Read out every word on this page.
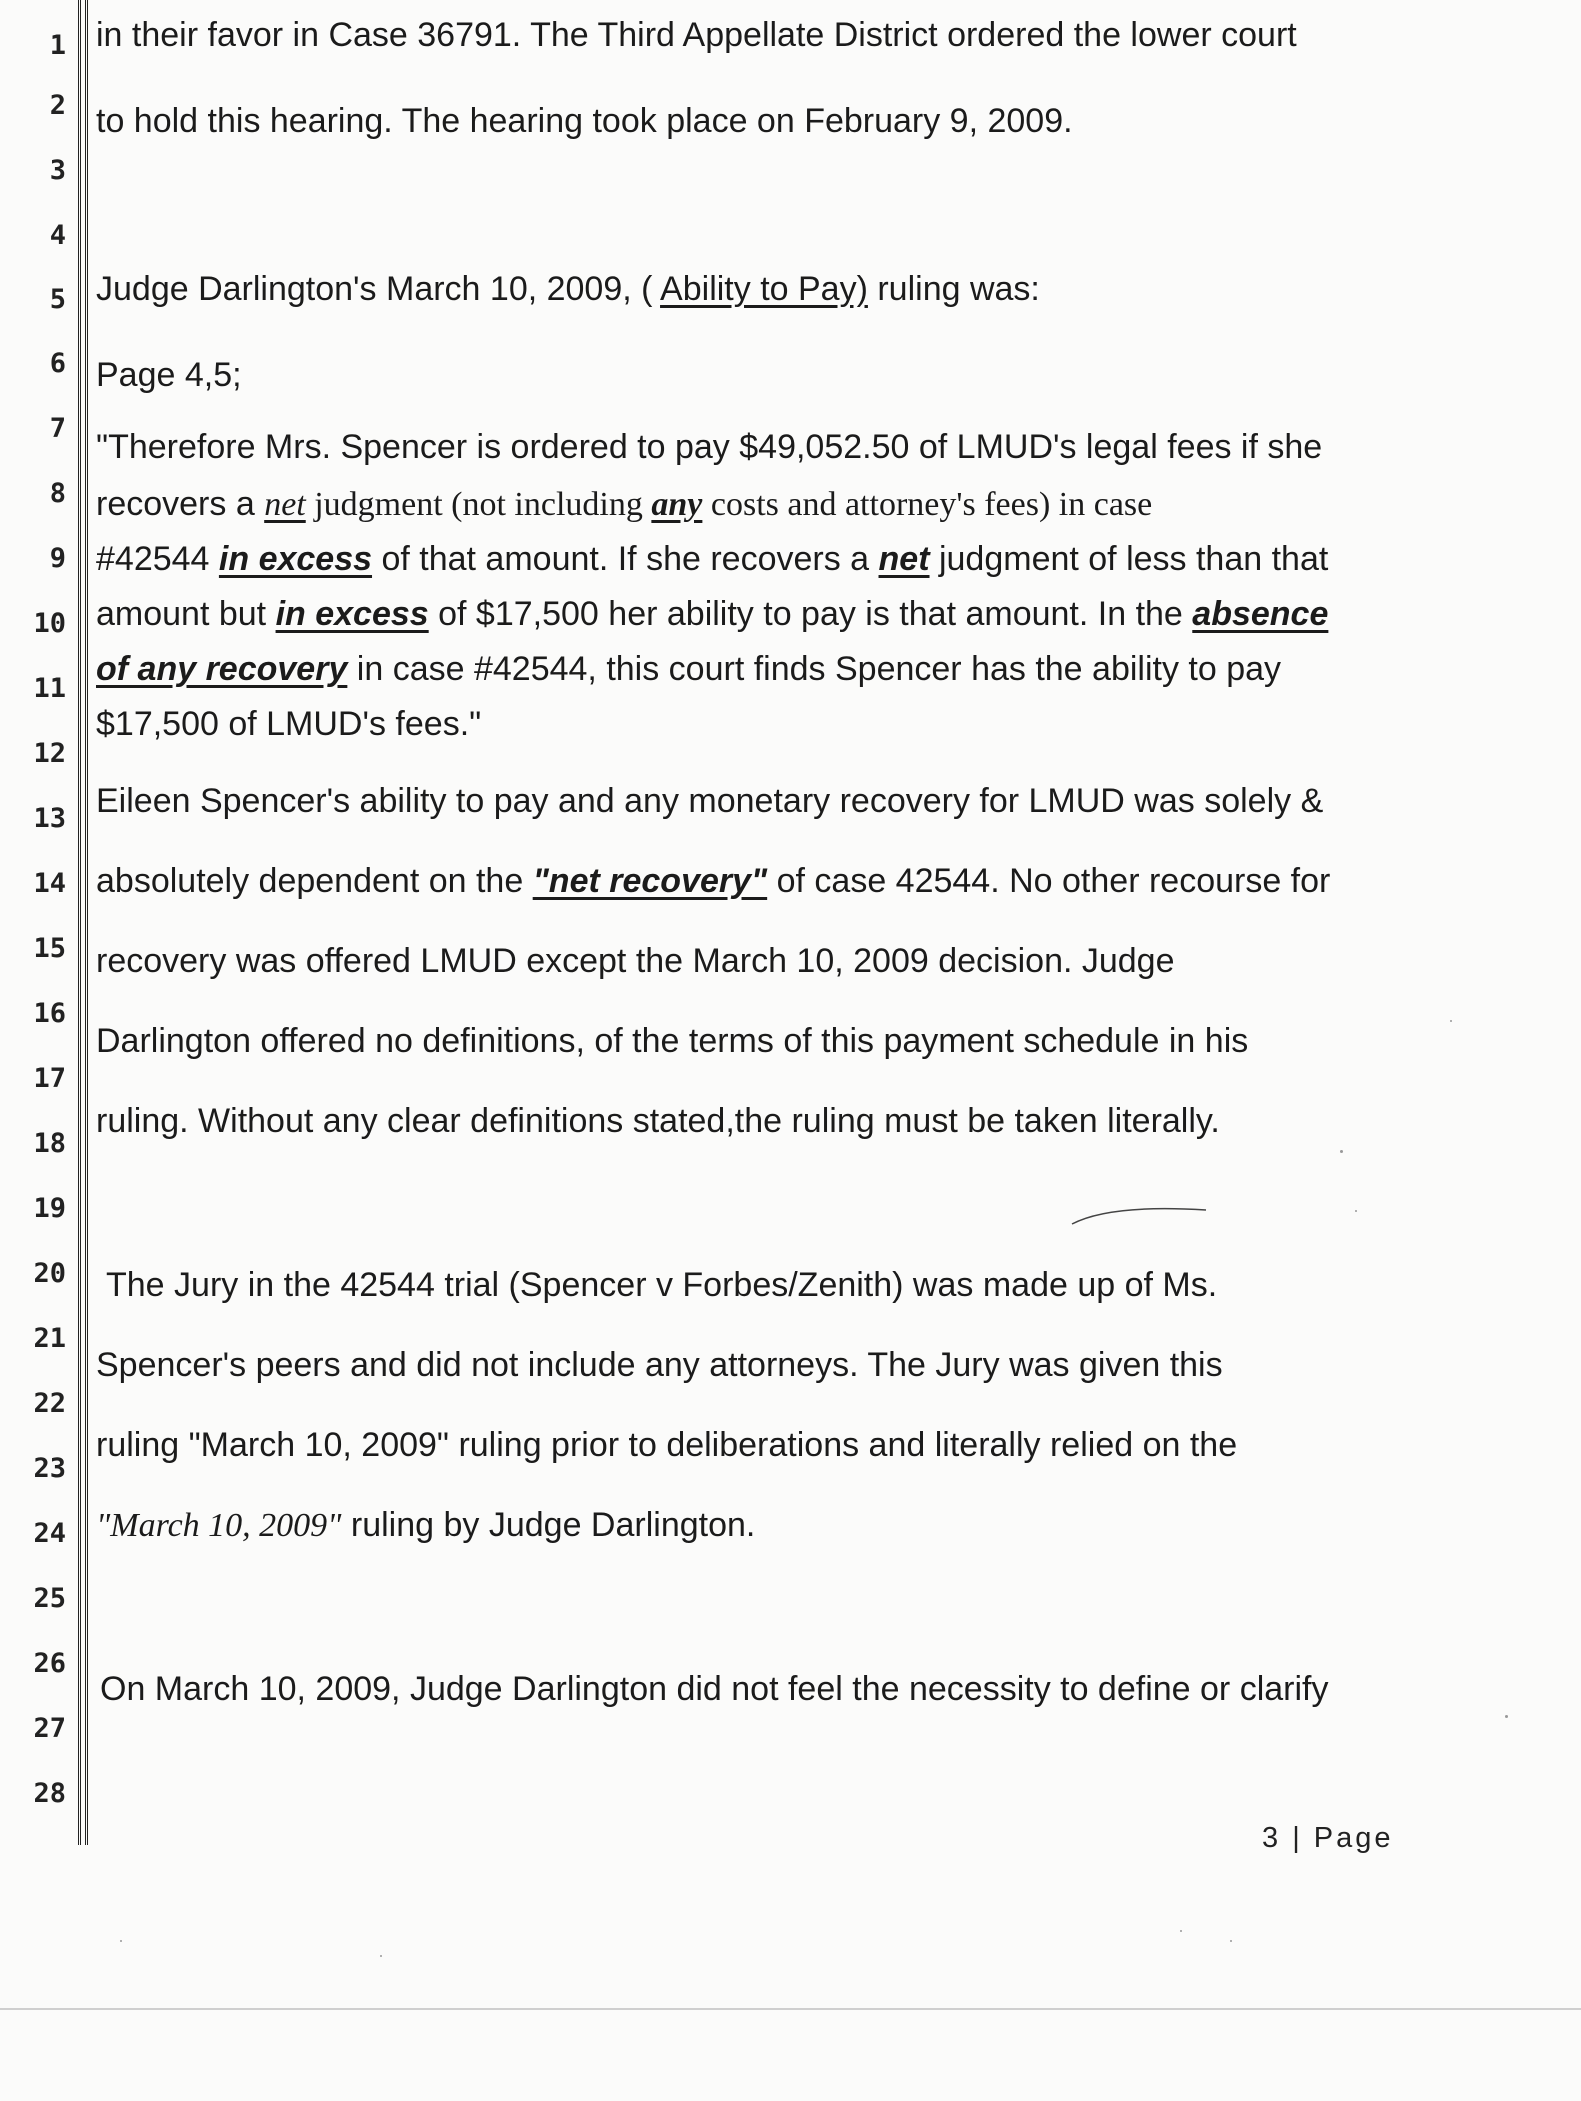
1
2
3
4
5
6
7
8
9
10
11
12
13
14
15
16
17
18
19
20
21
22
23
24
25
26
27
28
in their favor in Case 36791. The Third Appellate District ordered the lower court
to hold this hearing. The hearing took place on February 9, 2009.
Judge Darlington's March 10, 2009, ( Ability to Pay) ruling was:
Page 4,5;
"Therefore Mrs. Spencer is ordered to pay $49,052.50 of LMUD's legal fees if she
recovers a net judgment (not including any costs and attorney's fees) in case
#42544 in excess of that amount. If she recovers a net judgment of less than that
amount but in excess of $17,500 her ability to pay is that amount. In the absence
of any recovery in case #42544, this court finds Spencer has the ability to pay
$17,500 of LMUD's fees."
Eileen Spencer's ability to pay and any monetary recovery for LMUD was solely &
absolutely dependent on the "net recovery" of case 42544. No other recourse for
recovery was offered LMUD except the March 10, 2009 decision. Judge
Darlington offered no definitions, of the terms of this payment schedule in his
ruling. Without any clear definitions stated,the ruling must be taken literally.
The Jury in the 42544 trial (Spencer v Forbes/Zenith) was made up of Ms.
Spencer's peers and did not include any attorneys. The Jury was given this
ruling "March 10, 2009" ruling prior to deliberations and literally relied on the
"March 10, 2009" ruling by Judge Darlington.
On March 10, 2009, Judge Darlington did not feel the necessity to define or clarify
3 | Page
